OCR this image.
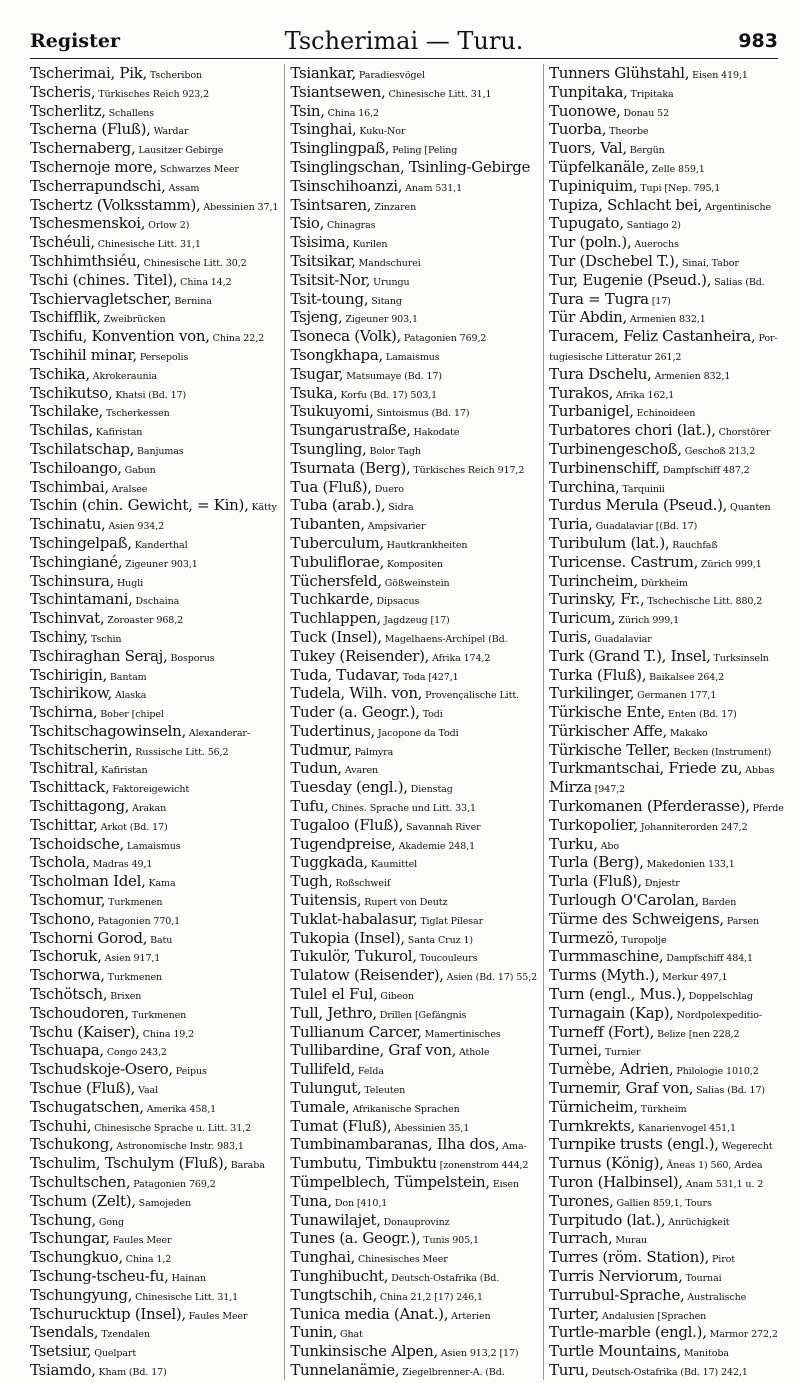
Register	Tscherimai — Turu.	983
Tscherimai, Pik, Tscheribon
Tscheris, Türkisches Reich 923,2
Tscherlitz, Schallens
Tscherna (Fluß), Wardar
Tschernaberg, Lausitzer Gebirge
Tschernoje more, Schwarzes Meer
Tscherrapundschi, Assam
Tschertz (Volksstamm), Abessinien 37,1
Tschesmenskoi, Orlow 2)
Tschéuli, Chinesische Litt. 31,1
Tschhimthsiéu, Chinesische Litt. 30,2
Tschi (chines. Titel), China 14,2
Tschiervagletscher, Bernina
Tschifflik, Zweibrücken
Tschifu, Konvention von, China 22,2
Tschihil minar, Persepolis
Tschika, Akrokeraunia
Tschikutso, Khatsi (Bd. 17)
Tschilake, Tscherkessen
Tschilas, Kafiristan
Tschilatschap, Banjumas
Tschiloango, Gabun
Tschimbai, Aralsee
Tschin (chin. Gewicht, = Kin), Kätty
Tschinatu, Asien 934,2
Tschingelpaß, Kanderthal
Tschingiané, Zigeuner 903,1
Tschinsura, Hugli
Tschintamani, Dschaina
Tschinvat, Zoroaster 968,2
Tschiny, Tschin
Tschiraghan Seraj, Bosporus
Tschirigin, Bantam
Tschirikow, Alaska
Tschirna, Bober [chipel
Tschitschagowinseln, Alexanderar-
Tschitscherin, Russische Litt. 56,2
Tschitral, Kafiristan
Tschittack, Faktoreigewicht
Tschittagong, Arakan
Tschittar, Arkot (Bd. 17)
Tschoidsche, Lamaismus
Tschola, Madras 49,1
Tscholman Idel, Kama
Tschomur, Turkmenen
Tschono, Patagonien 770,1
Tschorni Gorod, Batu
Tschoruk, Asien 917,1
Tschorwa, Turkmenen
Tschötsch, Brixen
Tschoudoren, Turkmenen
Tschu (Kaiser), China 19,2
Tschuapa, Congo 243,2
Tschudskoje-Osero, Peipus
Tschue (Fluß), Vaal
Tschugatschen, Amerika 458,1
Tschuhi, Chinesische Sprache u. Litt. 31,2
Tschukong, Astronomische Instr. 983,1
Tschulim, Tschulym (Fluß), Baraba
Tschultschen, Patagonien 769,2
Tschum (Zelt), Samojeden
Tschung, Gong
Tschungar, Faules Meer
Tschungkuo, China 1,2
Tschung-tscheu-fu, Hainan
Tschungyung, Chinesische Litt. 31,1
Tschurucktup (Insel), Faules Meer
Tsendals, Tzendalen
Tsetsiur, Quelpart
Tsiamdo, Kham (Bd. 17)
Tsiankar, Paradiesvögel
Tsiantsewen, Chinesische Litt. 31,1
Tsin, China 16,2
Tsinghai, Kuku-Nor
Tsinglingpaß, Peling [Peling
Tsinglingschan, Tsinling-Gebirge
Tsinschihoanzi, Anam 531,1
Tsintsaren, Zinzaren
Tsio, Chinagras
Tsisima, Kurilen
Tsitsikar, Mandschurei
Tsitsit-Nor, Urungu
Tsit-toung, Sitang
Tsjeng, Zigeuner 903,1
Tsoneca (Volk), Patagonien 769,2
Tsongkhapa, Lamaismus
Tsugar, Matsumaye (Bd. 17)
Tsuka, Korfu (Bd. 17) 503,1
Tsukuyomi, Sintoismus (Bd. 17)
Tsungarustraße, Hakodate
Tsungling, Bolor Tagh
Tsurnata (Berg), Türkisches Reich 917,2
Tua (Fluß), Duero
Tuba (arab.), Sidra
Tubanten, Ampsivarier
Tuberculum, Hautkrankheiten
Tubuliflorae, Kompositen
Tüchersfeld, Gößweinstein
Tuchkarde, Dipsacus
Tuchlappen, Jagdzeug [17)
Tuck (Insel), Magelhaens-Archipel (Bd.
Tukey (Reisender), Afrika 174,2
Tuda, Tudavar, Toda [427,1
Tudela, Wilh. von, Provençalische Litt.
Tuder (a. Geogr.), Todi
Tudertinus, Jacopone da Todi
Tudmur, Palmyra
Tudun, Avaren
Tuesday (engl.), Dienstag
Tufu, Chines. Sprache und Litt. 33,1
Tugaloo (Fluß), Savannah River
Tugendpreise, Akademie 248,1
Tuggkada, Kaumittel
Tugh, Roßschweif
Tuitensis, Rupert von Deutz
Tuklat-habalasur, Tiglat Pilesar
Tukopia (Insel), Santa Cruz 1)
Tukulör, Tukurol, Toucouleurs
Tulatow (Reisender), Asien (Bd. 17) 55,2
Tulel el Ful, Gibeon
Tull, Jethro, Drillen [Gefängnis
Tullianum Carcer, Mamertinisches
Tullibardine, Graf von, Athole
Tullifeld, Feldа
Tulungut, Telеuten
Tumale, Afrikanische Sprachen
Tumat (Fluß), Abessinien 35,1
Tumbinambaranas, Ilha dos, Ama-
Tumbutu, Timbuktu [zonenstrom 444,2
Tümpelblech, Tümpelstein, Eisen
Tuna, Don [410,1
Tunawilajet, Donauprovinz
Tunes (a. Geogr.), Tunis 905,1
Tunghai, Chinesisches Meer
Tunghibucht, Deutsch-Ostafrika (Bd.
Tungtschih, China 21,2 [17) 246,1
Tunica media (Anat.), Arterien
Tunin, Ghat
Tunkinsische Alpen, Asien 913,2 [17)
Tunnelanämie, Ziegelbrenner-A. (Bd.
Tunners Glühstahl, Eisen 419,1
Tunpitaka, Tripitaka
Tuonowe, Donau 52
Tuorba, Theorbe
Tuors, Val, Bergün
Tüpfelkanäle, Zelle 859,1
Tupiniquim, Tupi [Nep. 795,1
Tupiza, Schlacht bei, Argentinische
Tupugato, Santiago 2)
Tur (poln.), Auerochs
Tur (Dschebel T.), Sinai, Tabor
Tur, Eugenie (Pseud.), Salias (Bd.
Tura = Tugra [17)
Tür Abdin, Armenien 832,1
Turacem, Feliz Castanheira, Por-
tugiesische Litteratur 261,2
Tura Dschelu, Armenien 832,1
Turakos, Afrika 162,1
Turbanigel, Echinoideen
Turbatores chori (lat.), Chorstörer
Turbinengeschoß, Geschoß 213,2
Turbinenschiff, Dampfschiff 487,2
Turchina, Tarquinii
Turdus Merula (Pseud.), Quanten
Turia, Guadalaviar [(Bd. 17)
Turibulum (lat.), Rauchfaß
Turicense. Castrum, Zürich 999,1
Turincheim, Dürkheim
Turinsky, Fr., Tschechische Litt. 880,2
Turicum, Zürich 999,1
Turis, Guadalaviar
Turk (Grand T.), Insel, Turksinseln
Turka (Fluß), Baikalsee 264,2
Turkilinger, Germanen 177,1
Türkische Ente, Enten (Bd. 17)
Türkischer Affe, Makako
Türkische Teller, Becken (Instrument)
Turkmantschai, Friede zu, Abbas
Mirza [947,2
Turkomanen (Pferderasse), Pferde
Turkopolier, Johanniterorden 247,2
Turku, Abo
Turla (Berg), Makedonien 133,1
Turla (Fluß), Dnjestr
Turlough O'Carolan, Barden
Türme des Schweigens, Parsen
Turmezö, Turopolje
Turmmaschine, Dampfschiff 484,1
Turms (Myth.), Merkur 497,1
Turn (engl., Mus.), Doppelschlag
Turnagain (Kap), Nordpolexpeditio-
Turneff (Fort), Belize [nen 228,2
Turnei, Turnier
Turnèbe, Adrien, Philologie 1010,2
Turnemir, Graf von, Salias (Bd. 17)
Türnicheim, Türkheim
Turnkrekts, Kanarienvogel 451,1
Turnpike trusts (engl.), Wegerecht
Turnus (König), Äneas 1) 560, Ardea
Turon (Halbinsel), Anam 531,1 u. 2
Turones, Gallien 859,1, Tours
Turpitudo (lat.), Anrüchigkeit
Turrach, Murau
Turres (röm. Station), Pirot
Turris Nerviorum, Tournai
Turrubul-Sprache, Australische
Turter, Andalusien [Sprachen
Turtle-marble (engl.), Marmor 272,2
Turtle Mountains, Manitoba
Turu, Deutsch-Ostafrika (Bd. 17) 242,1
